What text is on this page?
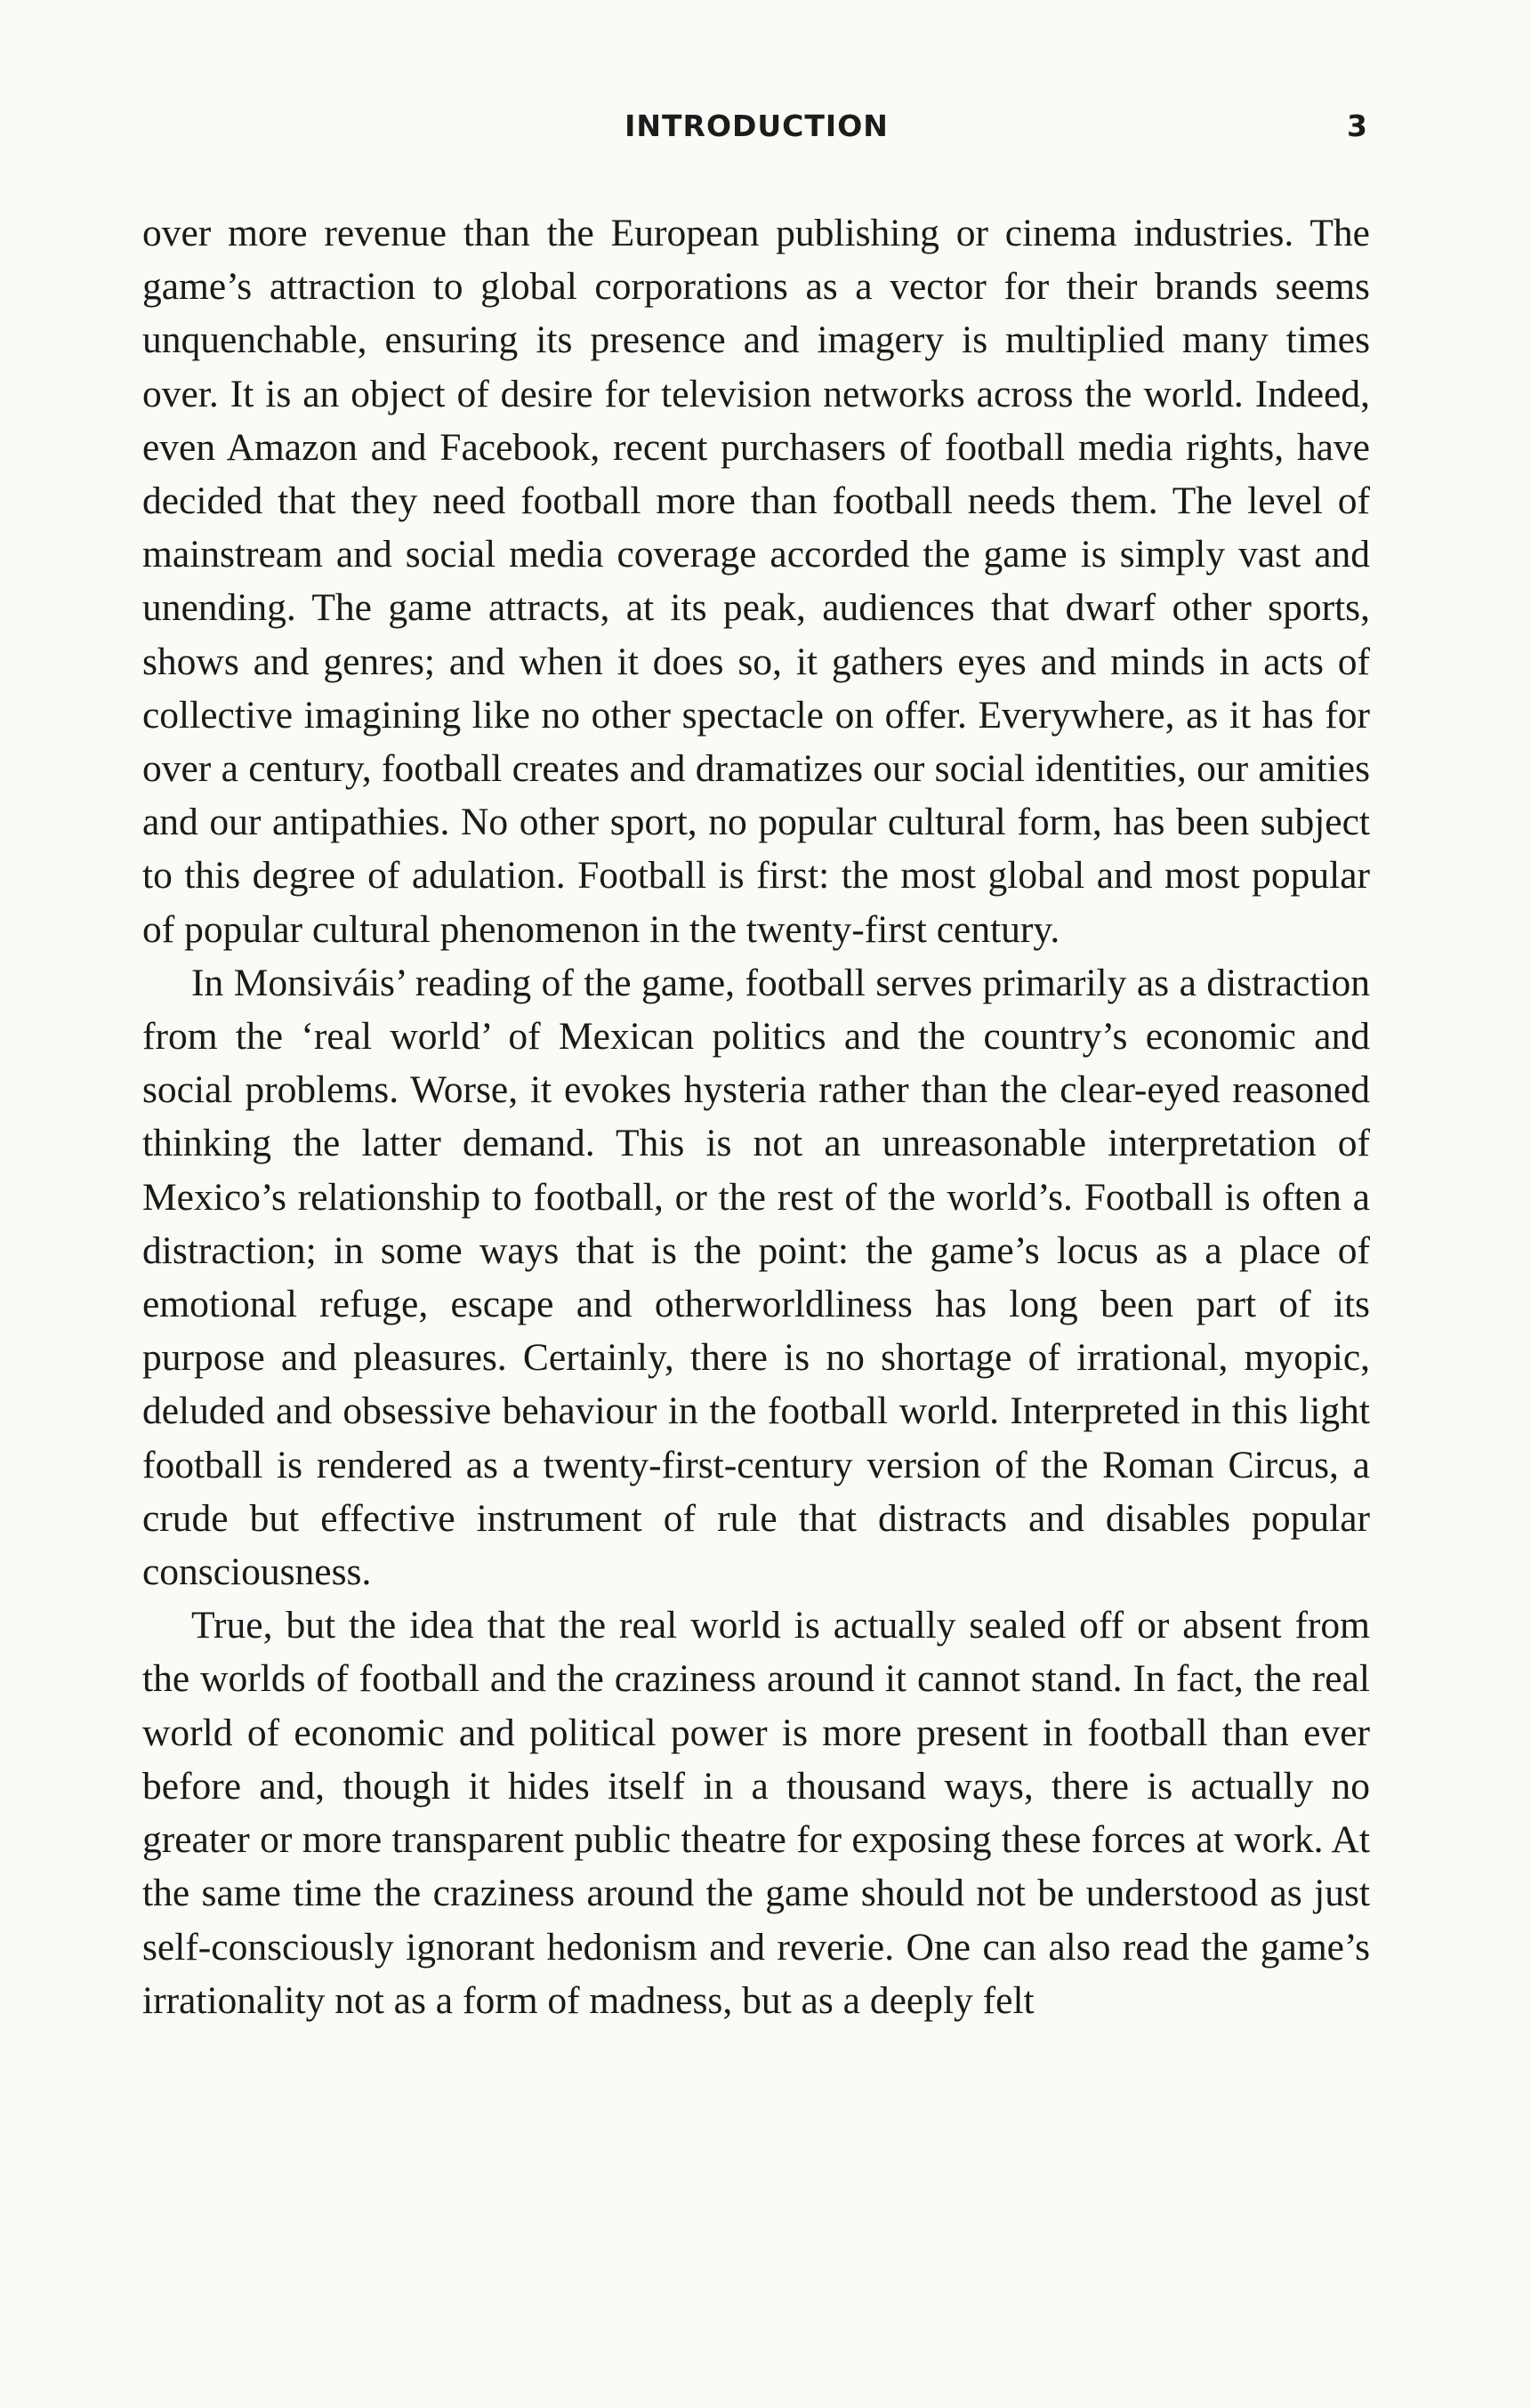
INTRODUCTION	3

over more revenue than the European publishing or cinema industries. The game’s attraction to global corporations as a vector for their brands seems unquenchable, ensuring its presence and imagery is multiplied many times over. It is an object of desire for television networks across the world. Indeed, even Amazon and Facebook, recent purchasers of football media rights, have decided that they need football more than football needs them. The level of mainstream and social media coverage accorded the game is simply vast and unending. The game attracts, at its peak, audiences that dwarf other sports, shows and genres; and when it does so, it gathers eyes and minds in acts of collective imagining like no other spectacle on offer. Everywhere, as it has for over a century, football creates and dramatizes our social identities, our amities and our antipathies. No other sport, no popular cultural form, has been subject to this degree of adulation. Football is first: the most global and most popular of popular cultural phenomenon in the twenty-first century.

In Monsiváis’ reading of the game, football serves primarily as a distraction from the ‘real world’ of Mexican politics and the country’s economic and social problems. Worse, it evokes hysteria rather than the clear-eyed reasoned thinking the latter demand. This is not an unreasonable interpretation of Mexico’s relationship to football, or the rest of the world’s. Football is often a distraction; in some ways that is the point: the game’s locus as a place of emotional refuge, escape and otherworldliness has long been part of its purpose and pleasures. Certainly, there is no shortage of irrational, myopic, deluded and obsessive behaviour in the football world. Interpreted in this light football is rendered as a twenty-first-century version of the Roman Circus, a crude but effective instrument of rule that distracts and disables popular consciousness.

True, but the idea that the real world is actually sealed off or absent from the worlds of football and the craziness around it cannot stand. In fact, the real world of economic and political power is more present in football than ever before and, though it hides itself in a thousand ways, there is actually no greater or more transparent public theatre for exposing these forces at work. At the same time the craziness around the game should not be understood as just self-consciously ignorant hedonism and reverie. One can also read the game’s irrationality not as a form of madness, but as a deeply felt
